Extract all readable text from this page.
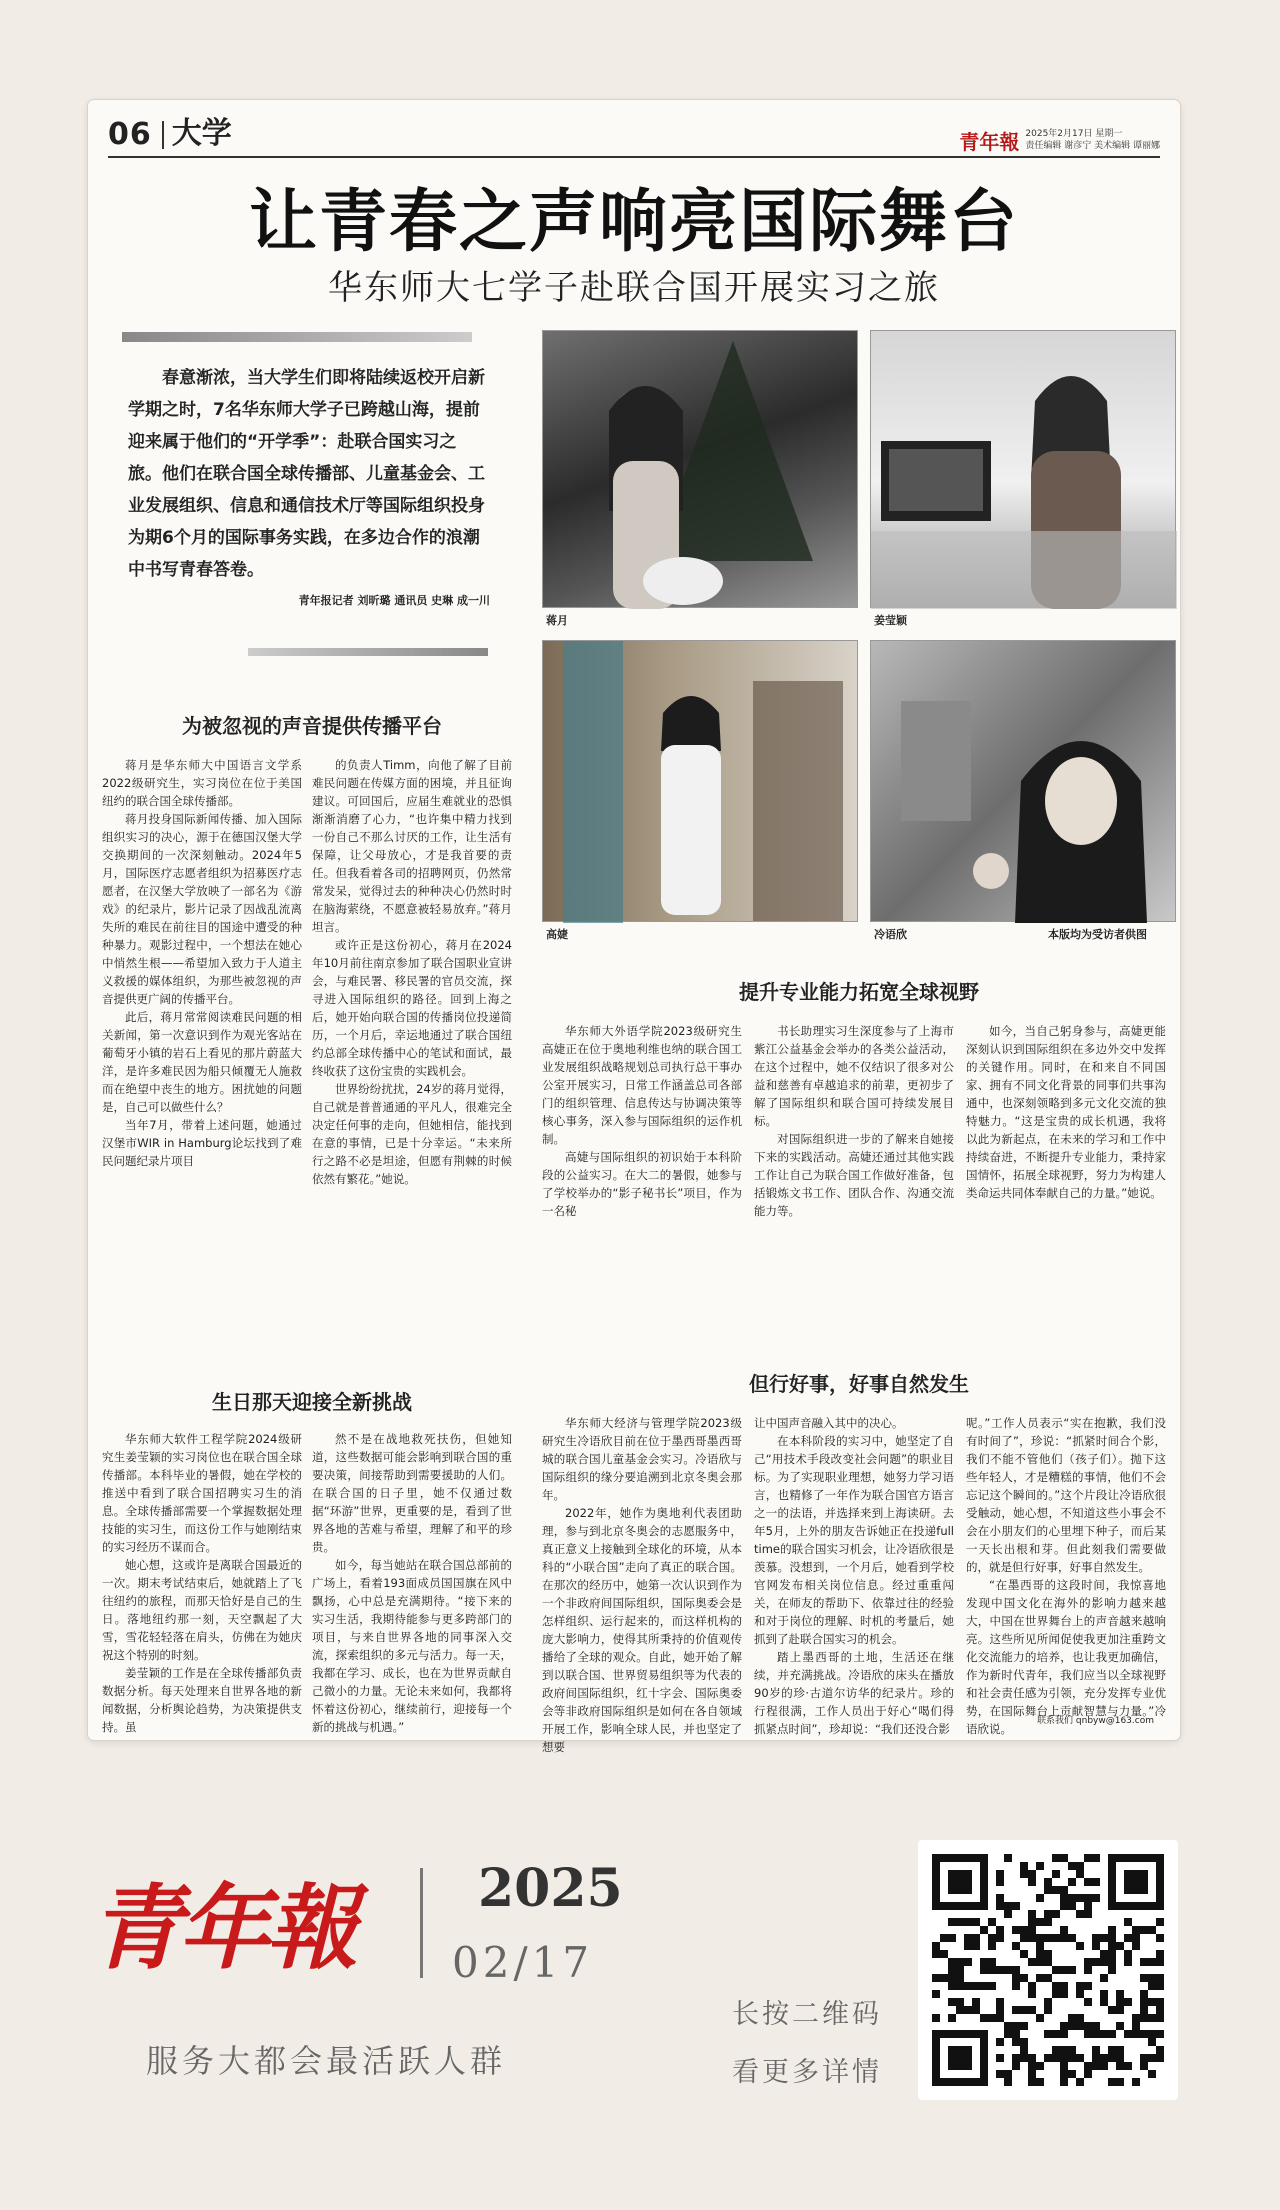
06 大学	青年報 2025年2月17日 星期一
责任编辑 谢彦宁 美术编辑 谭丽娜
让青春之声响亮国际舞台
华东师大七学子赴联合国开展实习之旅
春意渐浓，当大学生们即将陆续返校开启新学期之时，7名华东师大学子已跨越山海，提前迎来属于他们的“开学季”：赴联合国实习之旅。他们在联合国全球传播部、儿童基金会、工业发展组织、信息和通信技术厅等国际组织投身为期6个月的国际事务实践，在多边合作的浪潮中书写青春答卷。
青年报记者 刘昕璐 通讯员 史琳 成一川
蒋月	姜莹颖
高婕	冷语欣	本版均为受访者供图
为被忽视的声音提供传播平台

蒋月是华东师大中国语言文学系2022级研究生，实习岗位在位于美国纽约的联合国全球传播部。

蒋月投身国际新闻传播、加入国际组织实习的决心，源于在德国汉堡大学交换期间的一次深刻触动。2024年5月，国际医疗志愿者组织为招募医疗志愿者，在汉堡大学放映了一部名为《游戏》的纪录片，影片记录了因战乱流离失所的难民在前往目的国途中遭受的种种暴力。观影过程中，一个想法在她心中悄然生根——希望加入致力于人道主义救援的媒体组织，为那些被忽视的声音提供更广阔的传播平台。

此后，蒋月常常阅读难民问题的相关新闻，第一次意识到作为观光客站在葡萄牙小镇的岩石上看见的那片蔚蓝大洋，是许多难民因为船只倾覆无人施救而在绝望中丧生的地方。困扰她的问题是，自己可以做些什么？

当年7月，带着上述问题，她通过汉堡市WIR in Hamburg论坛找到了难民问题纪录片项目

的负责人Timm，向他了解了目前难民问题在传媒方面的困境，并且征询建议。可回国后，应届生难就业的恐惧渐渐消磨了心力，“也许集中精力找到一份自己不那么讨厌的工作，让生活有保障，让父母放心，才是我首要的责任。但我看着各司的招聘网页，仍然常常发呆，觉得过去的种种决心仍然时时在脑海萦绕，不愿意被轻易放弃。”蒋月坦言。

或许正是这份初心，蒋月在2024年10月前往南京参加了联合国职业宣讲会，与难民署、移民署的官员交流，探寻进入国际组织的路径。回到上海之后，她开始向联合国的传播岗位投递简历，一个月后，幸运地通过了联合国纽约总部全球传播中心的笔试和面试，最终收获了这份宝贵的实践机会。

世界纷纷扰扰，24岁的蒋月觉得，自己就是普普通通的平凡人，很难完全决定任何事的走向，但她相信，能找到在意的事情，已是十分幸运。“未来所行之路不必是坦途，但愿有荆棘的时候依然有繁花。”她说。

生日那天迎接全新挑战

华东师大软件工程学院2024级研究生姜莹颖的实习岗位也在联合国全球传播部。本科毕业的暑假，她在学校的推送中看到了联合国招聘实习生的消息。全球传播部需要一个掌握数据处理技能的实习生，而这份工作与她刚结束的实习经历不谋而合。

她心想，这或许是离联合国最近的一次。期末考试结束后，她就踏上了飞往纽约的旅程，而那天恰好是自己的生日。落地纽约那一刻，天空飘起了大雪，雪花轻轻落在肩头，仿佛在为她庆祝这个特别的时刻。

姜莹颖的工作是在全球传播部负责数据分析。每天处理来自世界各地的新闻数据，分析舆论趋势，为决策提供支持。虽

然不是在战地救死扶伤，但她知道，这些数据可能会影响到联合国的重要决策，间接帮助到需要援助的人们。在联合国的日子里，她不仅通过数据“环游”世界，更重要的是，看到了世界各地的苦难与希望，理解了和平的珍贵。

如今，每当她站在联合国总部前的广场上，看着193面成员国国旗在风中飘扬，心中总是充满期待。“接下来的实习生活，我期待能参与更多跨部门的项目，与来自世界各地的同事深入交流，探索组织的多元与活力。每一天，我都在学习、成长，也在为世界贡献自己微小的力量。无论未来如何，我都将怀着这份初心，继续前行，迎接每一个新的挑战与机遇。”

提升专业能力拓宽全球视野

华东师大外语学院2023级研究生高婕正在位于奥地利维也纳的联合国工业发展组织战略规划总司执行总干事办公室开展实习，日常工作涵盖总司各部门的组织管理、信息传达与协调决策等核心事务，深入参与国际组织的运作机制。

高婕与国际组织的初识始于本科阶段的公益实习。在大二的暑假，她参与了学校举办的“影子秘书长”项目，作为一名秘

书长助理实习生深度参与了上海市紫江公益基金会举办的各类公益活动，在这个过程中，她不仅结识了很多对公益和慈善有卓越追求的前辈，更初步了解了国际组织和联合国可持续发展目标。

对国际组织进一步的了解来自她接下来的实践活动。高婕还通过其他实践工作让自己为联合国工作做好准备，包括锻炼文书工作、团队合作、沟通交流能力等。

如今，当自己躬身参与，高婕更能深刻认识到国际组织在多边外交中发挥的关键作用。同时，在和来自不同国家、拥有不同文化背景的同事们共事沟通中，也深刻领略到多元文化交流的独特魅力。“这是宝贵的成长机遇，我将以此为新起点，在未来的学习和工作中持续奋进，不断提升专业能力，秉持家国情怀，拓展全球视野，努力为构建人类命运共同体奉献自己的力量。”她说。

但行好事，好事自然发生

华东师大经济与管理学院2023级研究生冷语欣目前在位于墨西哥墨西哥城的联合国儿童基金会实习。冷语欣与国际组织的缘分要追溯到北京冬奥会那年。

2022年，她作为奥地利代表团助理，参与到北京冬奥会的志愿服务中，真正意义上接触到全球化的环境，从本科的“小联合国”走向了真正的联合国。在那次的经历中，她第一次认识到作为一个非政府间国际组织，国际奥委会是怎样组织、运行起来的，而这样机构的庞大影响力，使得其所秉持的价值观传播给了全球的观众。自此，她开始了解到以联合国、世界贸易组织等为代表的政府间国际组织，红十字会、国际奥委会等非政府国际组织是如何在各自领域开展工作，影响全球人民，并也坚定了想要

让中国声音融入其中的决心。

在本科阶段的实习中，她坚定了自己“用技术手段改变社会问题”的职业目标。为了实现职业理想，她努力学习语言，也精修了一年作为联合国官方语言之一的法语，并选择来到上海读研。去年5月，上外的朋友告诉她正在投递full time的联合国实习机会，让冷语欣很是羡慕。没想到，一个月后，她看到学校官网发布相关岗位信息。经过重重闯关，在师友的帮助下、依靠过往的经验和对于岗位的理解、时机的考量后，她抓到了赴联合国实习的机会。

踏上墨西哥的土地，生活还在继续，并充满挑战。冷语欣的床头在播放90岁的珍·古道尔访华的纪录片。珍的行程很满，工作人员出于好心“喝们得抓紧点时间”，珍却说：“我们还没合影

呢。”工作人员表示“实在抱歉，我们没有时间了”，珍说：“抓紧时间合个影，我们不能不管他们（孩子们）。抛下这些年轻人，才是糟糕的事情，他们不会忘记这个瞬间的。”这个片段让冷语欣很受触动，她心想，不知道这些小事会不会在小朋友们的心里埋下种子，而后某一天长出根和芽。但此刻我们需要做的，就是但行好事，好事自然发生。

“在墨西哥的这段时间，我惊喜地发现中国文化在海外的影响力越来越大，中国在世界舞台上的声音越来越响亮。这些所见所闻促使我更加注重跨文化交流能力的培养，也让我更加确信，作为新时代青年，我们应当以全球视野和社会责任感为引领，充分发挥专业优势，在国际舞台上贡献智慧与力量。”冷语欣说。

联系我们 qnbyw@163.com
青年報	2025
02/17
服务大都会最活跃人群
长按二维码
看更多详情
